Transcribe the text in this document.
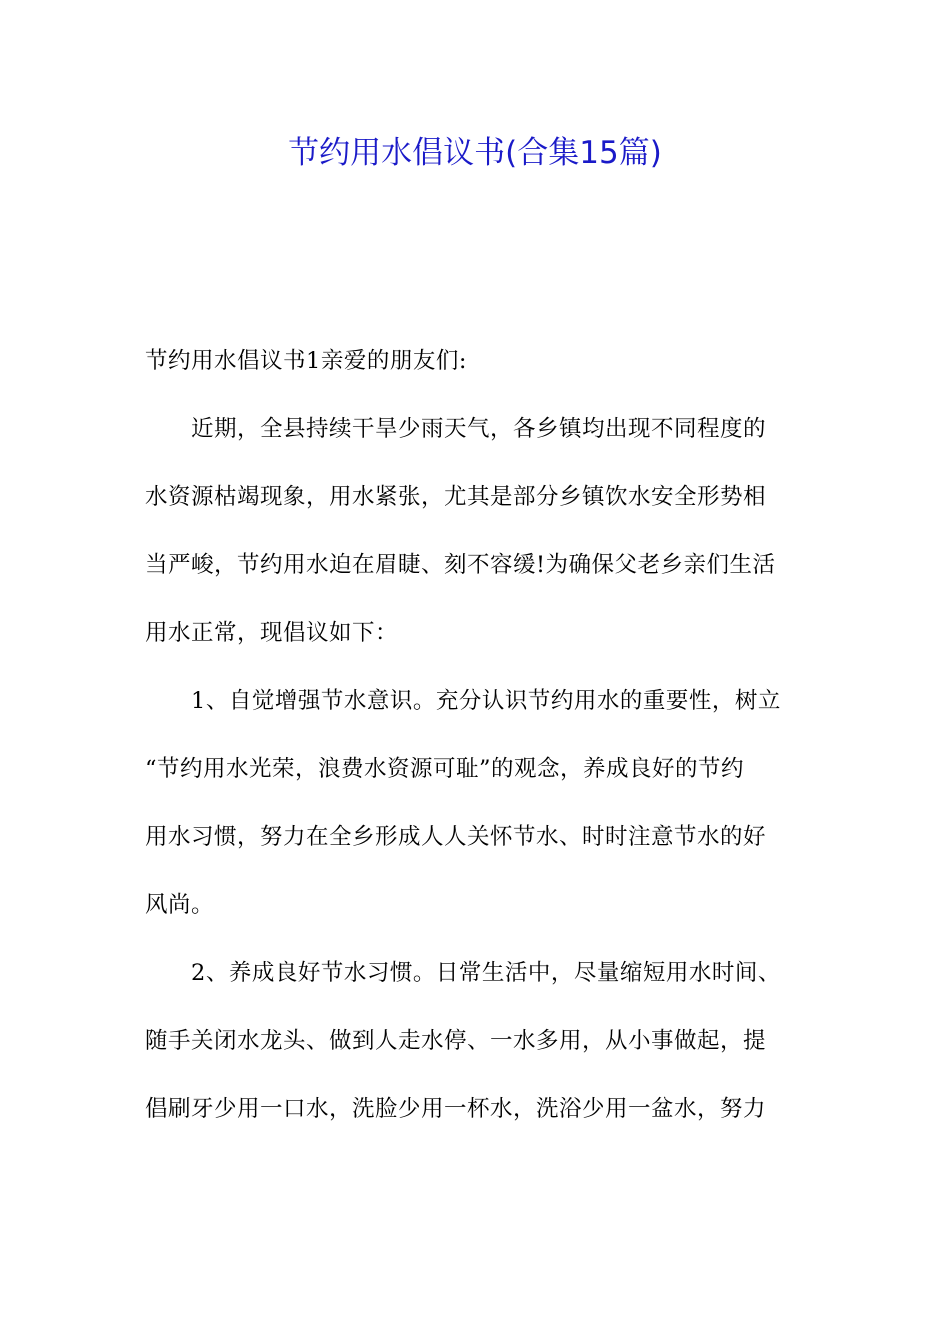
节约用水倡议书(合集15篇)
节约用水倡议书1亲爱的朋友们:
近期，全县持续干旱少雨天气，各乡镇均出现不同程度的
水资源枯竭现象，用水紧张，尤其是部分乡镇饮水安全形势相
当严峻，节约用水迫在眉睫、刻不容缓!为确保父老乡亲们生活
用水正常，现倡议如下：
1、自觉增强节水意识。充分认识节约用水的重要性，树立
“节约用水光荣，浪费水资源可耻”的观念，养成良好的节约
用水习惯，努力在全乡形成人人关怀节水、时时注意节水的好
风尚。
2、养成良好节水习惯。日常生活中，尽量缩短用水时间、
随手关闭水龙头、做到人走水停、一水多用，从小事做起，提
倡刷牙少用一口水，洗脸少用一杯水，洗浴少用一盆水，努力
